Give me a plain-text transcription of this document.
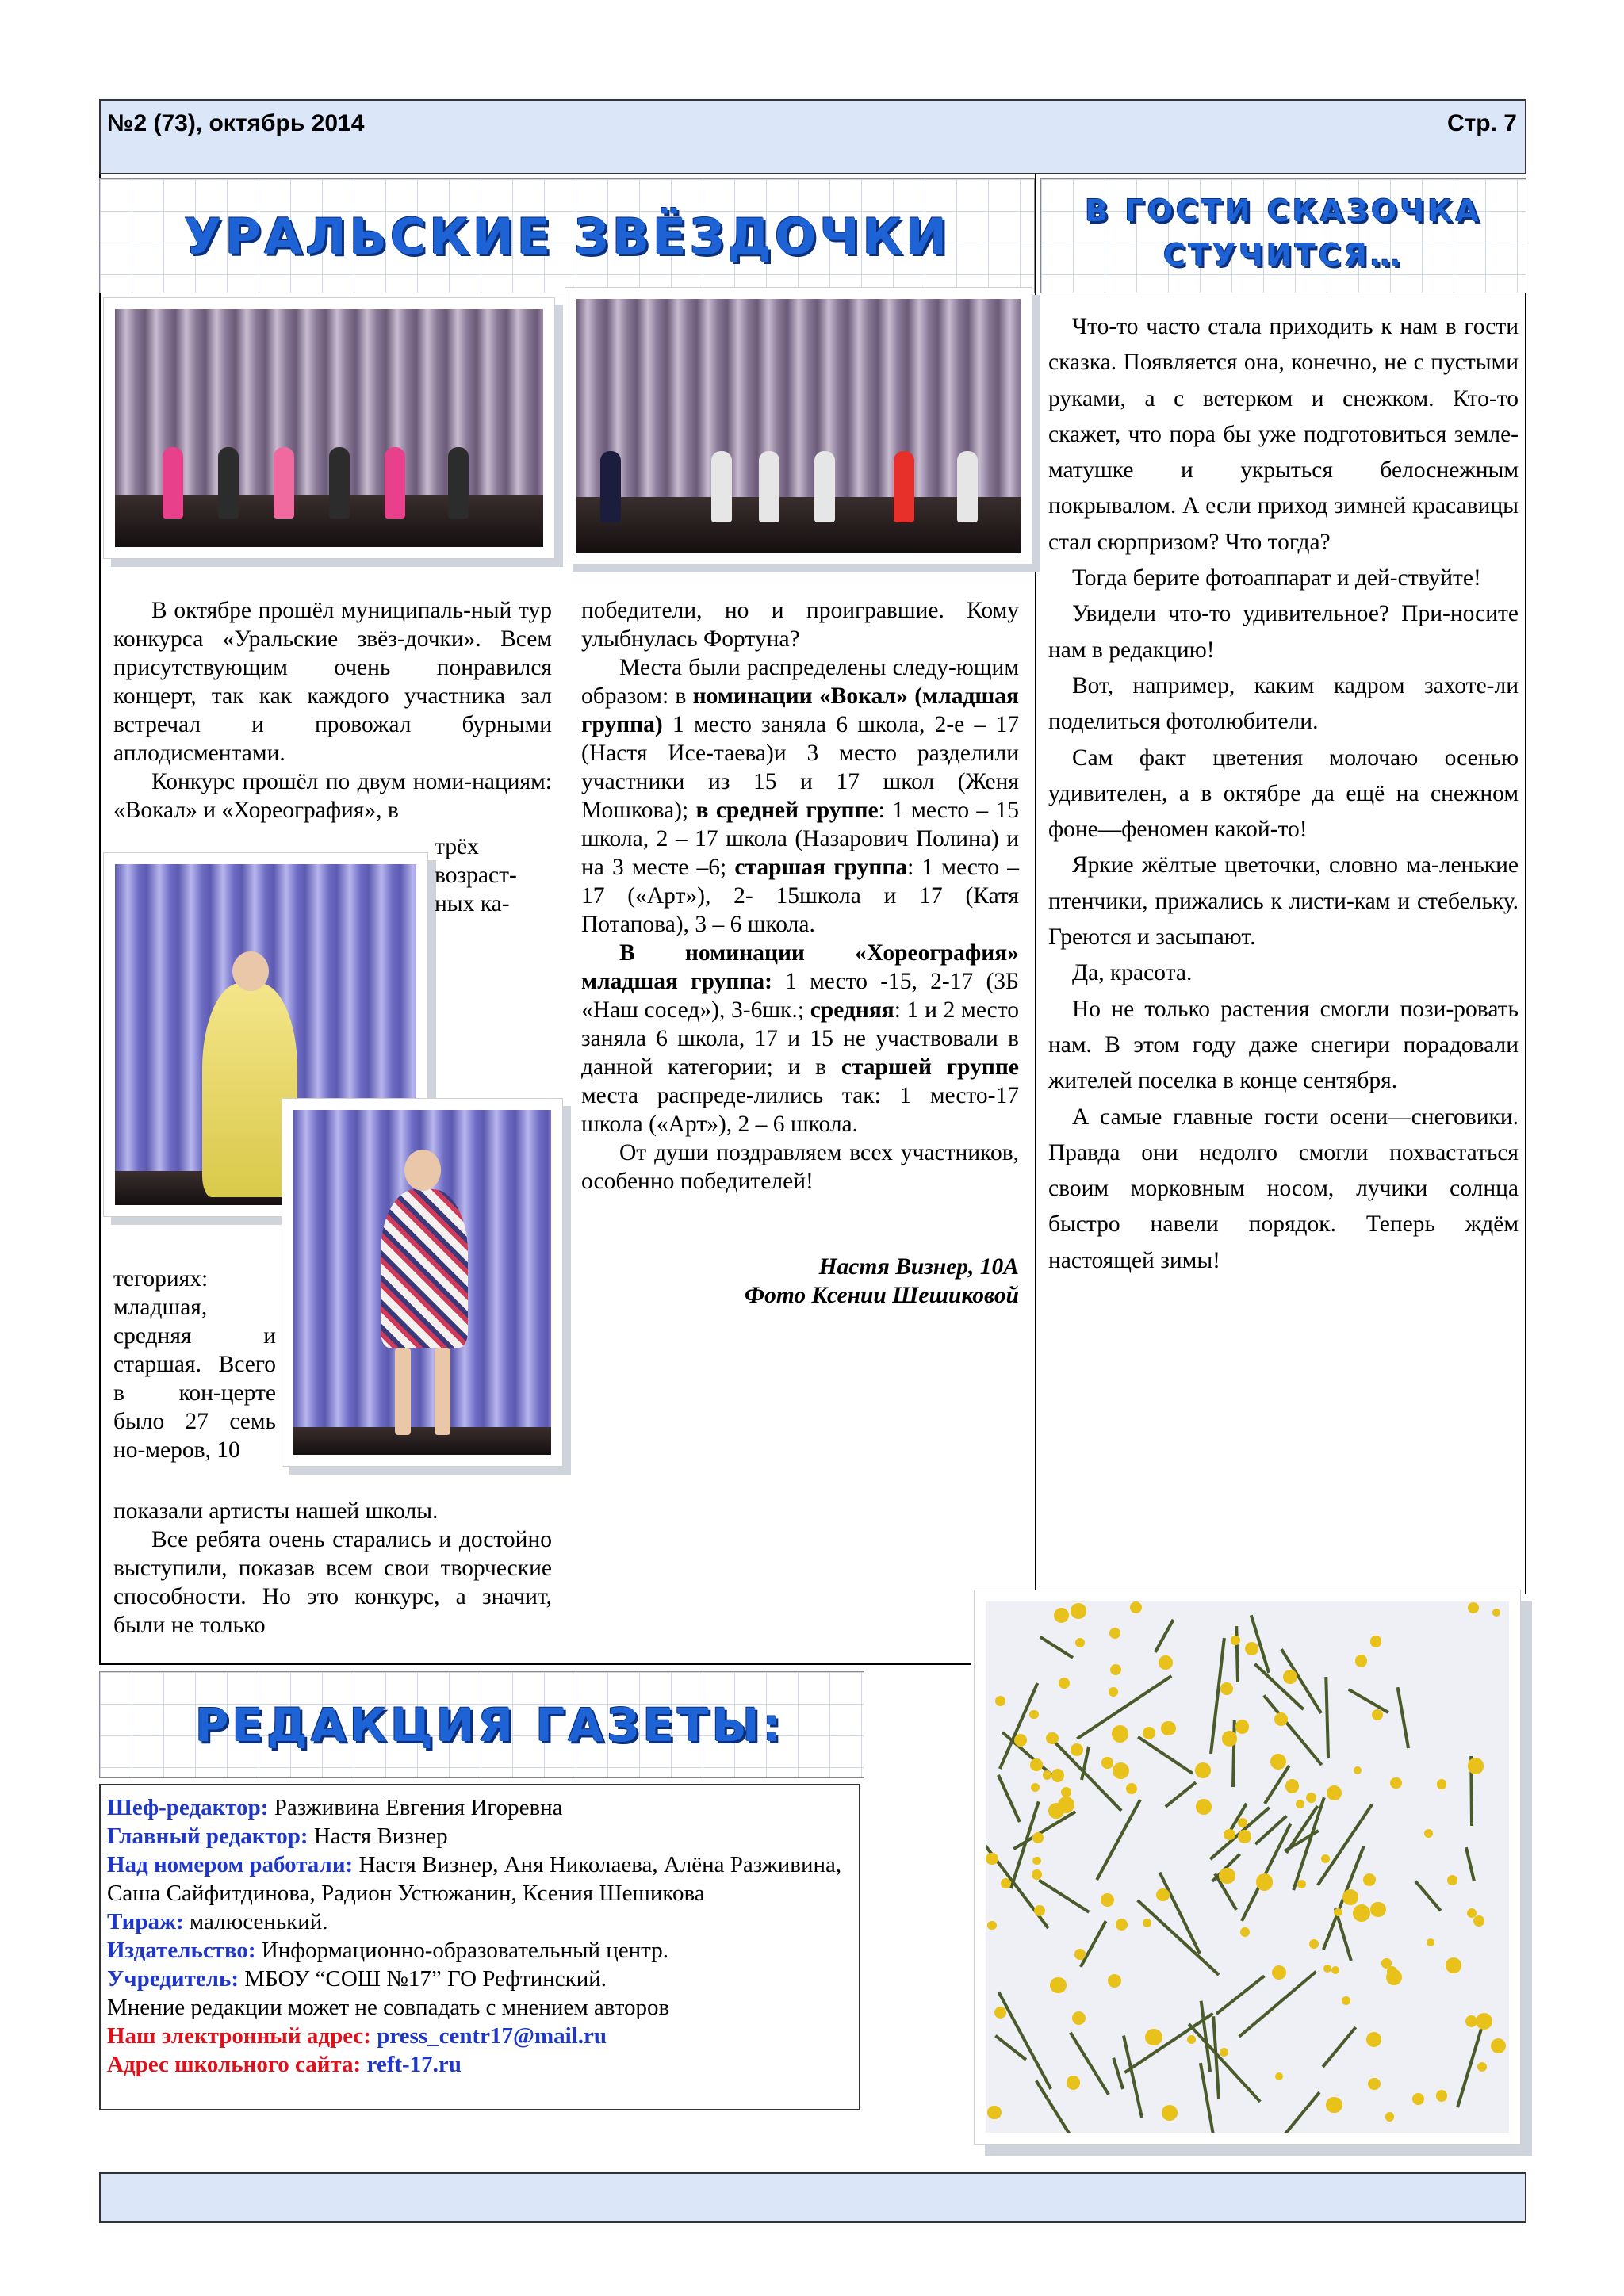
№2 (73), октябрь 2014	Стр. 7
УРАЛЬСКИЕ ЗВЁЗДОЧКИ	В ГОСТИ СКАЗОЧКА
СТУЧИТСЯ…

В октябре прошёл муниципаль-ный тур конкурса «Уральские звёз-дочки». Всем присутствующим очень понравился концерт, так как каждого участника зал встречал и провожал бурными аплодисментами.

Конкурс прошёл по двум номи-нациям: «Вокал» и «Хореография», в

трёх возраст-ных ка-
тегориях: младшая, средняя и старшая. Всего в кон-церте было 27 семь но-меров, 10

показали артисты нашей школы.

Все ребята очень старались и достойно выступили, показав всем свои творческие способности. Но это конкурс, а значит, были не только

победители, но и проигравшие. Кому улыбнулась Фортуна?

Места были распределены следу-ющим образом: в номинации «Вокал» (младшая группа) 1 место заняла 6 школа, 2-е – 17 (Настя Исе-таева)и 3 место разделили участники из 15 и 17 школ (Женя Мошкова); в средней группе: 1 место – 15 школа, 2 – 17 школа (Назарович Полина) и на 3 месте –6; старшая группа: 1 место – 17 («Арт»), 2- 15школа и 17 (Катя Потапова), 3 – 6 школа.

В номинации «Хореография» младшая группа: 1 место -15, 2-17 (3Б «Наш сосед»), 3-6шк.; средняя: 1 и 2 место заняла 6 школа, 17 и 15 не участвовали в данной категории; и в старшей группе места распреде-лились так: 1 место-17 школа («Арт»), 2 – 6 школа.

От души поздравляем всех участников, особенно победителей!

Настя Визнер, 10А
Фото Ксении Шешиковой

Что-то часто стала приходить к нам в гости сказка. Появляется она, конечно, не с пустыми руками, а с ветерком и снежком. Кто-то скажет, что пора бы уже подготовиться земле-матушке и укрыться белоснежным покрывалом. А если приход зимней красавицы стал сюрпризом? Что тогда?

Тогда берите фотоаппарат и дей-ствуйте!

Увидели что-то удивительное? При-носите нам в редакцию!

Вот, например, каким кадром захоте-ли поделиться фотолюбители.

Сам факт цветения молочаю осенью удивителен, а в октябре да ещё на снежном фоне—феномен какой-то!

Яркие жёлтые цветочки, словно ма-ленькие птенчики, прижались к листи-кам и стебельку. Греются и засыпают.

Да, красота.

Но не только растения смогли пози-ровать нам. В этом году даже снегири порадовали жителей поселка в конце сентября.

А самые главные гости осени—снеговики. Правда они недолго смогли похвастаться своим морковным носом, лучики солнца быстро навели порядок. Теперь ждём настоящей зимы!

РЕДАКЦИЯ ГАЗЕТЫ:
Шеф-редактор: Разживина Евгения Игоревна
Главный редактор: Настя Визнер
Над номером работали: Настя Визнер, Аня Николаева, Алёна Разживина, Саша Сайфитдинова, Радион Устюжанин, Ксения Шешикова
Тираж: малюсенький.
Издательство: Информационно-образовательный центр.
Учредитель: МБОУ “СОШ №17” ГО Рефтинский.
Мнение редакции может не совпадать с мнением авторов
Наш электронный адрес: press_centr17@mail.ru
Адрес школьного сайта: reft-17.ru
